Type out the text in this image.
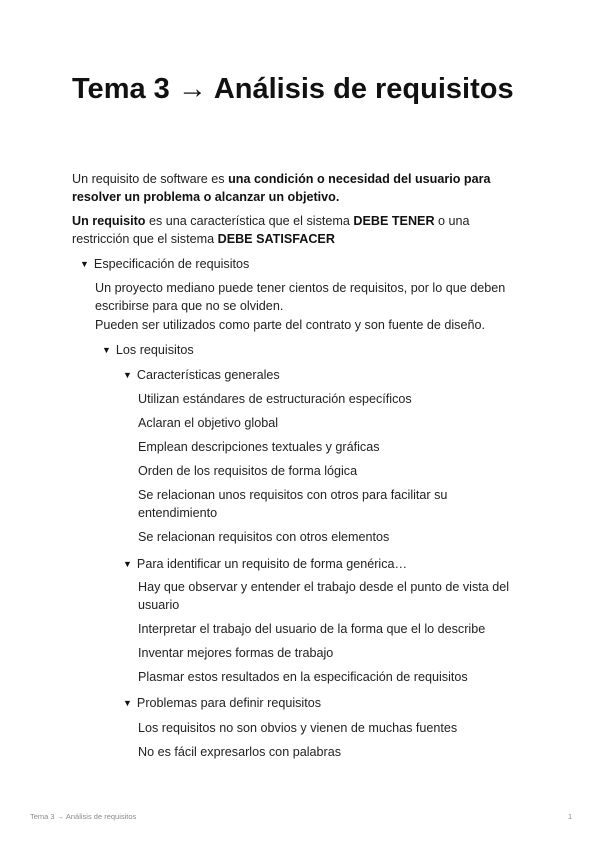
Tema 3 → Análisis de requisitos

Un requisito de software es una condición o necesidad del usuario para resolver un problema o alcanzar un objetivo.

Un requisito es una característica que el sistema DEBE TENER o una restricción que el sistema DEBE SATISFACER

▼ Especificación de requisitos

Un proyecto mediano puede tener cientos de requisitos, por lo que deben escribirse para que no se olviden.

Pueden ser utilizados como parte del contrato y son fuente de diseño.

▼ Los requisitos
▼ Características generales

Utilizan estándares de estructuración específicos

Aclaran el objetivo global

Emplean descripciones textuales y gráficas

Orden de los requisitos de forma lógica

Se relacionan unos requisitos con otros para facilitar su entendimiento

Se relacionan requisitos con otros elementos

▼ Para identificar un requisito de forma genérica…

Hay que observar y entender el trabajo desde el punto de vista del usuario

Interpretar el trabajo del usuario de la forma que el lo describe

Inventar mejores formas de trabajo

Plasmar estos resultados en la especificación de requisitos

▼ Problemas para definir requisitos

Los requisitos no son obvios y vienen de muchas fuentes

No es fácil expresarlos con palabras

Tema 3 → Análisis de requisitos	1
